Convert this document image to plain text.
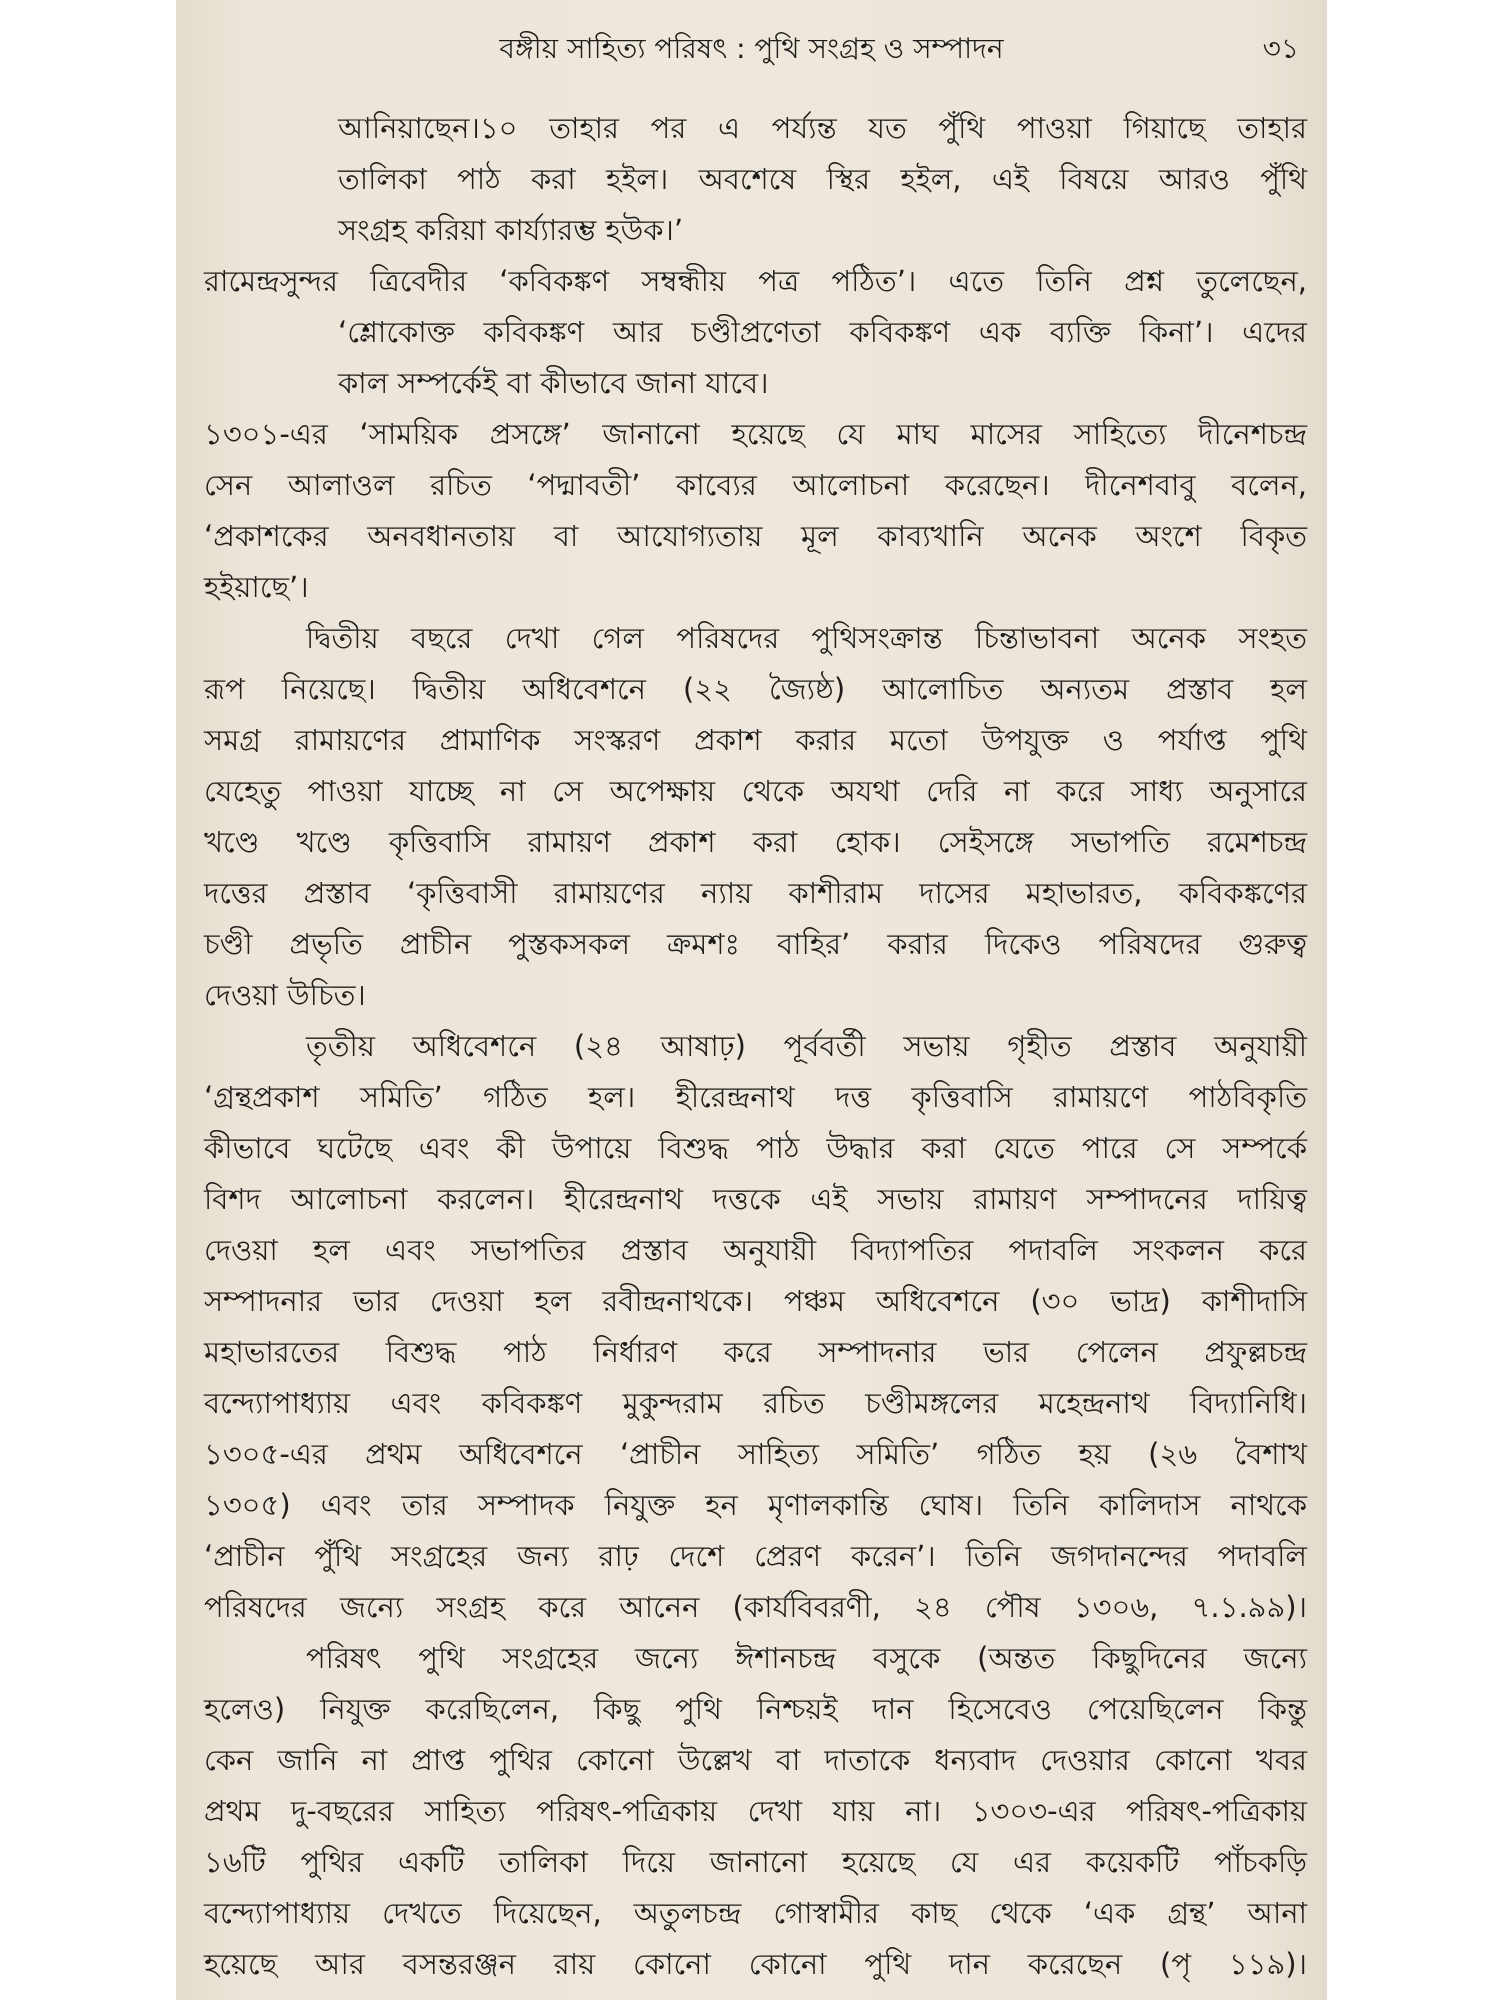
বঙ্গীয় সাহিত্য পরিষৎ : পুথি সংগ্রহ ও সম্পাদন	৩১
আনিয়াছেন।১০ তাহার পর এ পর্য্যন্ত যত পুঁথি পাওয়া গিয়াছে তাহার
তালিকা পাঠ করা হইল। অবশেষে স্থির হইল, এই বিষয়ে আরও পুঁথি
সংগ্রহ করিয়া কার্য্যারম্ভ হউক।’
রামেন্দ্রসুন্দর ত্রিবেদীর ‘কবিকঙ্কণ সম্বন্ধীয় পত্র পঠিত’। এতে তিনি প্রশ্ন তুলেছেন,
‘শ্লোকোক্ত কবিকঙ্কণ আর চণ্ডীপ্রণেতা কবিকঙ্কণ এক ব্যক্তি কিনা’। এদের
কাল সম্পর্কেই বা কীভাবে জানা যাবে।
১৩০১-এর ‘সাময়িক প্রসঙ্গে’ জানানো হয়েছে যে মাঘ মাসের সাহিত্যে দীনেশচন্দ্র
সেন আলাওল রচিত ‘পদ্মাবতী’ কাব্যের আলোচনা করেছেন। দীনেশবাবু বলেন,
‘প্রকাশকের অনবধানতায় বা আযোগ্যতায় মূল কাব্যখানি অনেক অংশে বিকৃত
হইয়াছে’।
দ্বিতীয় বছরে দেখা গেল পরিষদের পুথিসংক্রান্ত চিন্তাভাবনা অনেক সংহত
রূপ নিয়েছে। দ্বিতীয় অধিবেশনে (২২ জ্যৈষ্ঠ) আলোচিত অন্যতম প্রস্তাব হল
সমগ্র রামায়ণের প্রামাণিক সংস্করণ প্রকাশ করার মতো উপযুক্ত ও পর্যাপ্ত পুথি
যেহেতু পাওয়া যাচ্ছে না সে অপেক্ষায় থেকে অযথা দেরি না করে সাধ্য অনুসারে
খণ্ডে খণ্ডে কৃত্তিবাসি রামায়ণ প্রকাশ করা হোক। সেইসঙ্গে সভাপতি রমেশচন্দ্র
দত্তের প্রস্তাব ‘কৃত্তিবাসী রামায়ণের ন্যায় কাশীরাম দাসের মহাভারত, কবিকঙ্কণের
চণ্ডী প্রভৃতি প্রাচীন পুস্তকসকল ক্রমশঃ বাহির’ করার দিকেও পরিষদের গুরুত্ব
দেওয়া উচিত।
তৃতীয় অধিবেশনে (২৪ আষাঢ়) পূর্ববর্তী সভায় গৃহীত প্রস্তাব অনুযায়ী
‘গ্রন্থপ্রকাশ সমিতি’ গঠিত হল। হীরেন্দ্রনাথ দত্ত কৃত্তিবাসি রামায়ণে পাঠবিকৃতি
কীভাবে ঘটেছে এবং কী উপায়ে বিশুদ্ধ পাঠ উদ্ধার করা যেতে পারে সে সম্পর্কে
বিশদ আলোচনা করলেন। হীরেন্দ্রনাথ দত্তকে এই সভায় রামায়ণ সম্পাদনের দায়িত্ব
দেওয়া হল এবং সভাপতির প্রস্তাব অনুযায়ী বিদ্যাপতির পদাবলি সংকলন করে
সম্পাদনার ভার দেওয়া হল রবীন্দ্রনাথকে। পঞ্চম অধিবেশনে (৩০ ভাদ্র) কাশীদাসি
মহাভারতের বিশুদ্ধ পাঠ নির্ধারণ করে সম্পাদনার ভার পেলেন প্রফুল্লচন্দ্র
বন্দ্যোপাধ্যায় এবং কবিকঙ্কণ মুকুন্দরাম রচিত চণ্ডীমঙ্গলের মহেন্দ্রনাথ বিদ্যানিধি।
১৩০৫-এর প্রথম অধিবেশনে ‘প্রাচীন সাহিত্য সমিতি’ গঠিত হয় (২৬ বৈশাখ
১৩০৫) এবং তার সম্পাদক নিযুক্ত হন মৃণালকান্তি ঘোষ। তিনি কালিদাস নাথকে
‘প্রাচীন পুঁথি সংগ্রহের জন্য রাঢ় দেশে প্রেরণ করেন’। তিনি জগদানন্দের পদাবলি
পরিষদের জন্যে সংগ্রহ করে আনেন (কার্যবিবরণী, ২৪ পৌষ ১৩০৬, ৭.১.৯৯)।
পরিষৎ পুথি সংগ্রহের জন্যে ঈশানচন্দ্র বসুকে (অন্তত কিছুদিনের জন্যে
হলেও) নিযুক্ত করেছিলেন, কিছু পুথি নিশ্চয়ই দান হিসেবেও পেয়েছিলেন কিন্তু
কেন জানি না প্রাপ্ত পুথির কোনো উল্লেখ বা দাতাকে ধন্যবাদ দেওয়ার কোনো খবর
প্রথম দু-বছরের সাহিত্য পরিষৎ-পত্রিকায় দেখা যায় না। ১৩০৩-এর পরিষৎ-পত্রিকায়
১৬টি পুথির একটি তালিকা দিয়ে জানানো হয়েছে যে এর কয়েকটি পাঁচকড়ি
বন্দ্যোপাধ্যায় দেখতে দিয়েছেন, অতুলচন্দ্র গোস্বামীর কাছ থেকে ‘এক গ্রন্থ’ আনা
হয়েছে আর বসন্তরঞ্জন রায় কোনো কোনো পুথি দান করেছেন (পৃ ১১৯)।
